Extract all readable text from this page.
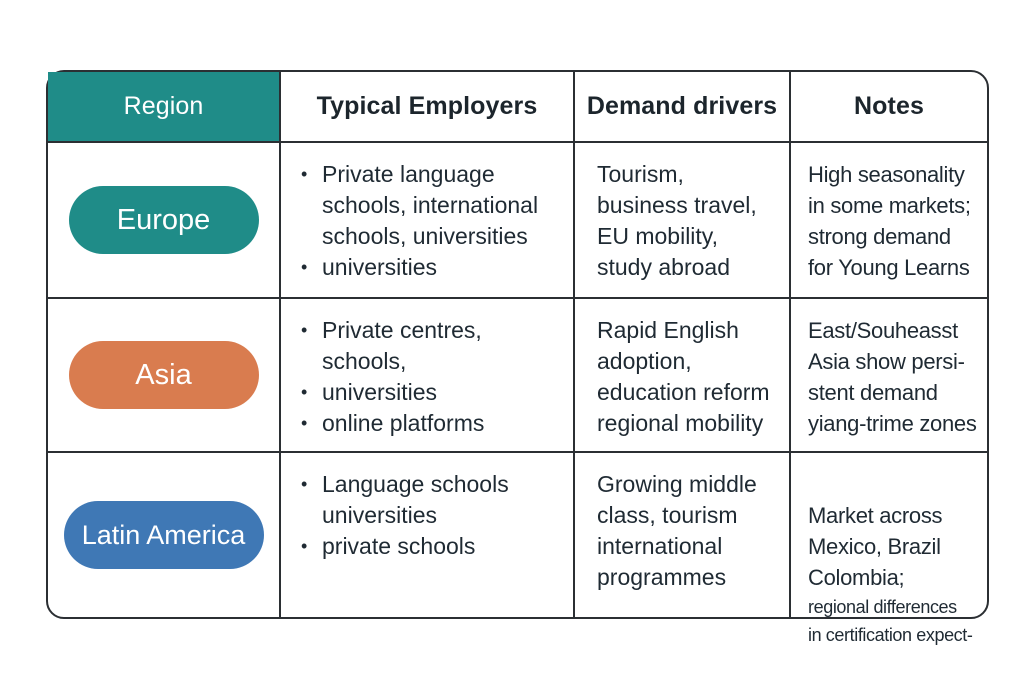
Region	Typical Employers Demand drivers	Notes
Europe
• Private language
schools, international
schools, universities
• universities
Tourism,
business travel,
EU mobility,
study abroad
High seasonality
in some markets;
strong demand
for Young Learns
Asia
• Private centres,
schools,
• universities
• online platforms
Rapid English
adoption,
education reform
regional mobility
East/Souheasst
Asia show persi-
stent demand
yiang-trime zones
Latin America
• Language schools
universities
• private schools
Growing middle
class, tourism
international
programmes

Market across
Mexico, Brazil
Colombia;

regional differences
in certification expect-
